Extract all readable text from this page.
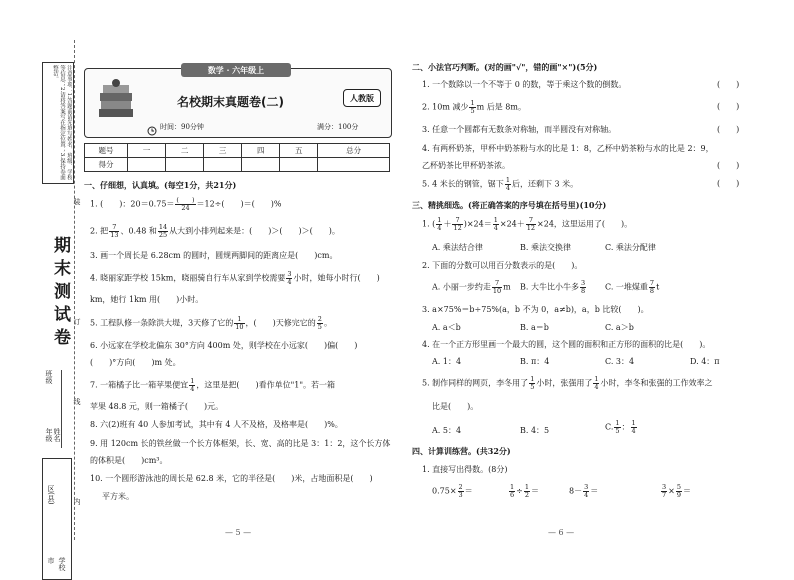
注意事项：1.答题前请先填写姓名、班级、学校等信息；2.请将答案写在指定位置；3.保持卷面整洁。
期末测试卷
装
订
线
内
年级 姓名
班级
市
区(县)
学校
数学 · 六年级上
名校期末真题卷(二)	人教版
时间：90分钟	满分：100分
题号	一	二	三	四	五	总分
得分						
一、仔细想，认真填。(每空1分，共21分)
1. (　　)：$20=0.75= \frac{( )}{24} =12\div$(　　)＝(　　)%
2. 把 $\frac{7}{13}$ 、0.48 和 $\frac{14}{25}$ 从大到小排列起来是：(　　)＞(　　)＞(　　)。
3. 画一个周长是 6.28cm 的圆时，圆规两脚间的距离应是(　　)cm。
4. 晓丽家距学校 15km，晓丽骑自行车从家到学校需要 $\frac{3}{4}$ 小时，她每小时行(　　)
km，她行 1km 用(　　)小时。
5. 工程队修一条除洪大堤，3天修了它的 $\frac{1}{10}$ ，(　　)天修完它的 $\frac{2}{5}$ 。
6. 小远家在学校北偏东 30°方向 400m 处，则学校在小远家(　　)偏(　　)
(　　)°方向(　　)m 处。
7. 一箱橘子比一箱苹果便宜 $\frac{1}{4}$ ，这里是把(　　)看作单位"1"。若一箱
苹果 48.8 元，则一箱橘子(　　)元。
8. 六(2)班有 40 人参加考试，其中有 4 人不及格，及格率是(　　)%。
9. 用 120cm 长的铁丝做一个长方体框架，长、宽、高的比是 3：1：2，这个长方体
的体积是(　　)cm³。
10. 一个圆形游泳池的周长是 62.8 米，它的半径是(　　)米，占地面积是(　　)
平方米。
— 5 —
二、小法官巧判断。(对的画"√"，错的画"×")(5分)
1. 一个数除以一个不等于 0 的数，等于乘这个数的倒数。	(　　)
2. 10m 减少 $\frac{1}{5}$ m 后是 8m。	(　　)
3. 任意一个圆都有无数条对称轴，而半圆没有对称轴。	(　　)
4. 有两杯奶茶，甲杯中奶茶粉与水的比是 1：8，乙杯中奶茶粉与水的比是 2：9，
乙杯奶茶比甲杯奶茶浓。	(　　)
5. 4 米长的钢管，锯下 $\frac{1}{4}$ 后，还剩下 3 米。	(　　)
三、精挑细选。(将正确答案的序号填在括号里)(10分)
1. ( $\frac{1}{4} + \frac{7}{12} )\times 24= \frac{1}{4} \times 24+ \frac{7}{12} \times 24$，这里运用了(　　)。
A. 乘法结合律	B. 乘法交换律	C. 乘法分配律
2. 下面的分数可以用百分数表示的是(　　)。
A. 小丽一步约走 $\frac{7}{10}$ m B. 大牛比小牛多 $\frac{3}{8} C$. 一堆煤重 $\frac{7}{8}$ t
3. a×75%＝b÷75%(a，b 不为 0，a≠b)，a，b 比较(　　)。
A. a＜b	B. a＝b	C. a＞b
4. 在一个正方形里画一个最大的圆，这个圆的面积和正方形的面积的比是(　　)。
A. 1：4	B. π：4	C. 3：4	D. 4：π
5. 制作同样的网页，李冬用了 $\frac{1}{5}$ 小时，张强用了 $\frac{1}{4}$ 小时，李冬和张强的工作效率之
比是(　　)。
A. 5：4	B. 4：5	C. $\frac{1}{5}$ ： $\frac{1}{4}$
四、计算训练营。(共32分)
1. 直接写出得数。(8分)
$0.75\times \frac{2}{3}$ ＝	$\frac{1}{6} \div \frac{1}{2}$ ＝	$8- \frac{3}{4}$ ＝	$\frac{3}{7} \times \frac{5}{9}$ ＝
— 6 —
